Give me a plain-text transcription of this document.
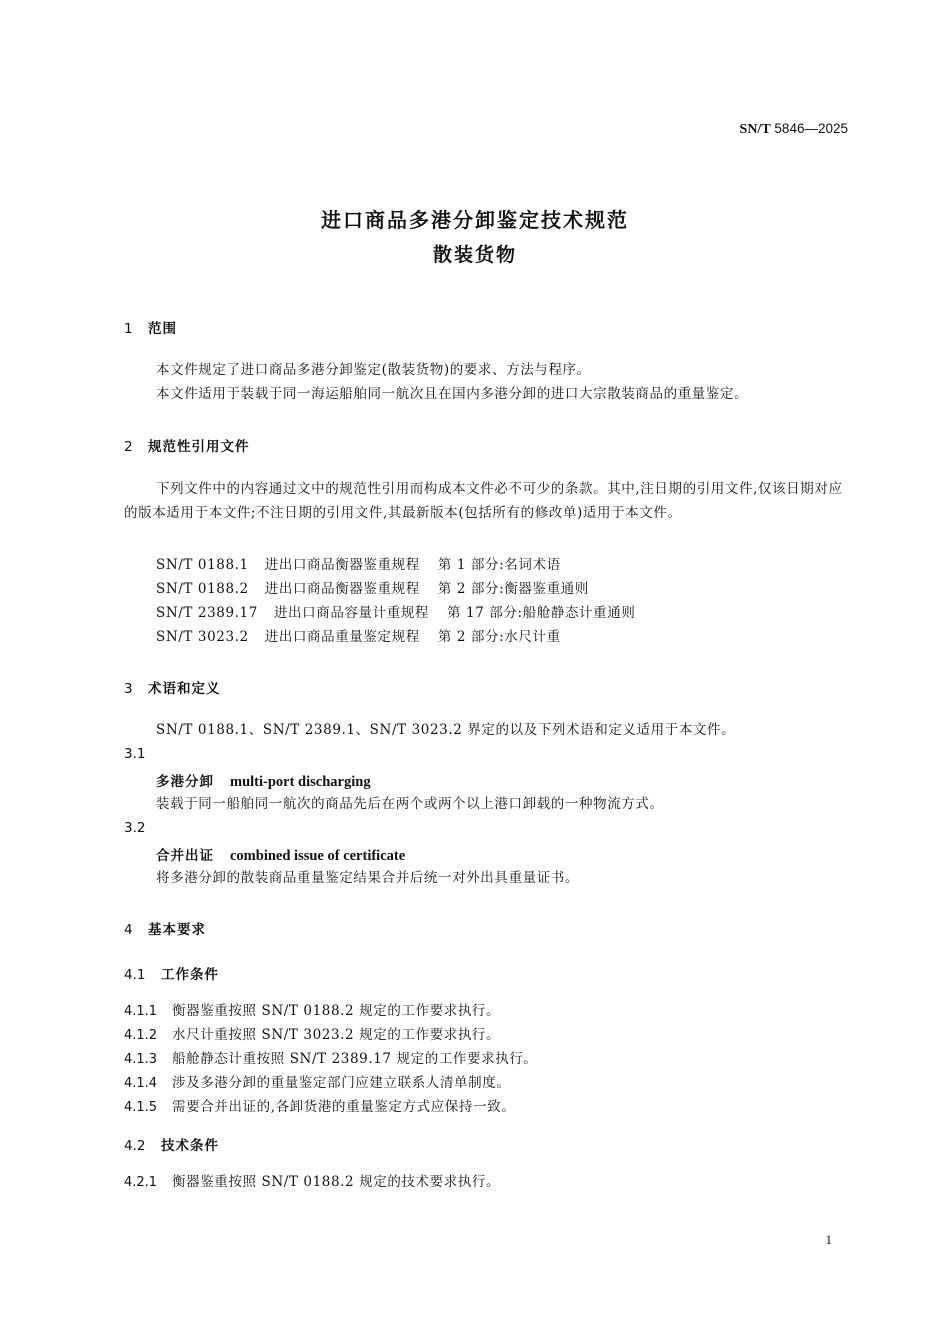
SN/T 5846—2025
进口商品多港分卸鉴定技术规范
散装货物
1 范围
本文件规定了进口商品多港分卸鉴定(散装货物)的要求、方法与程序。
本文件适用于装载于同一海运船舶同一航次且在国内多港分卸的进口大宗散装商品的重量鉴定。
2 规范性引用文件
下列文件中的内容通过文中的规范性引用而构成本文件必不可少的条款。其中,注日期的引用文件,仅该日期对应的版本适用于本文件;不注日期的引用文件,其最新版本(包括所有的修改单)适用于本文件。
SN/T 0188.1 进出口商品衡器鉴重规程 第 1 部分:名词术语
SN/T 0188.2 进出口商品衡器鉴重规程 第 2 部分:衡器鉴重通则
SN/T 2389.17 进出口商品容量计重规程 第 17 部分:船舱静态计重通则
SN/T 3023.2 进出口商品重量鉴定规程 第 2 部分:水尺计重
3 术语和定义
SN/T 0188.1、SN/T 2389.1、SN/T 3023.2 界定的以及下列术语和定义适用于本文件。
3.1
多港分卸 multi-port discharging
装载于同一船舶同一航次的商品先后在两个或两个以上港口卸载的一种物流方式。
3.2
合并出证 combined issue of certificate
将多港分卸的散装商品重量鉴定结果合并后统一对外出具重量证书。
4 基本要求
4.1 工作条件
4.1.1 衡器鉴重按照 SN/T 0188.2 规定的工作要求执行。
4.1.2 水尺计重按照 SN/T 3023.2 规定的工作要求执行。
4.1.3 船舱静态计重按照 SN/T 2389.17 规定的工作要求执行。
4.1.4 涉及多港分卸的重量鉴定部门应建立联系人清单制度。
4.1.5 需要合并出证的,各卸货港的重量鉴定方式应保持一致。
4.2 技术条件
4.2.1 衡器鉴重按照 SN/T 0188.2 规定的技术要求执行。
1
